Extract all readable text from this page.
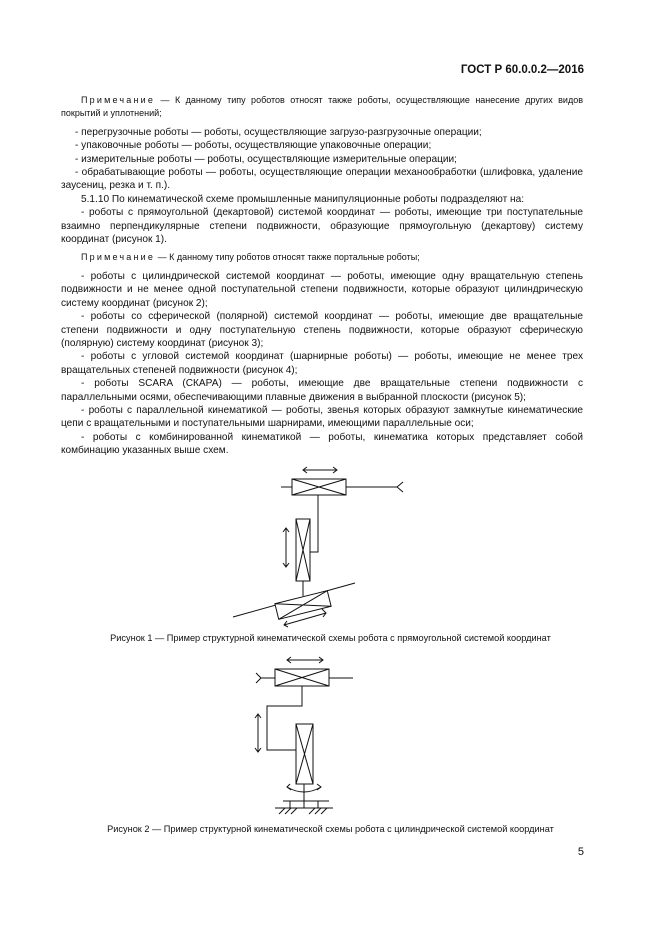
ГОСТ Р 60.0.0.2—2016

Примечание — К данному типу роботов относят также роботы, осуществляющие нанесение других видов покрытий и уплотнений;

- перегрузочные роботы — роботы, осуществляющие загрузо-разгрузочные операции;

- упаковочные роботы — роботы, осуществляющие упаковочные операции;

- измерительные роботы — роботы, осуществляющие измерительные операции;

- обрабатывающие роботы — роботы, осуществляющие операции механообработки (шлифовка, удаление заусениц, резка и т. п.).

5.1.10 По кинематической схеме промышленные манипуляционные роботы подразделяют на:

- роботы с прямоугольной (декартовой) системой координат — роботы, имеющие три поступательные взаимно перпендикулярные степени подвижности, образующие прямоугольную (декартову) систему координат (рисунок 1).

Примечание — К данному типу роботов относят также портальные роботы;

- роботы с цилиндрической системой координат — роботы, имеющие одну вращательную степень подвижности и не менее одной поступательной степени подвижности, которые образуют цилиндрическую систему координат (рисунок 2);

- роботы со сферической (полярной) системой координат — роботы, имеющие две вращательные степени подвижности и одну поступательную степень подвижности, которые образуют сферическую (полярную) систему координат (рисунок 3);

- роботы с угловой системой координат (шарнирные роботы) — роботы, имеющие не менее трех вращательных степеней подвижности (рисунок 4);

- роботы SCARA (СКАРА) — роботы, имеющие две вращательные степени подвижности с параллельными осями, обеспечивающими плавные движения в выбранной плоскости (рисунок 5);

- роботы с параллельной кинематикой — роботы, звенья которых образуют замкнутые кинематические цепи с вращательными и поступательными шарнирами, имеющими параллельные оси;

- роботы с комбинированной кинематикой — роботы, кинематика которых представляет собой комбинацию указанных выше схем.

Рисунок 1 — Пример структурной кинематической схемы робота с прямоугольной системой координат
Рисунок 2 — Пример структурной кинематической схемы робота с цилиндрической системой координат
5
